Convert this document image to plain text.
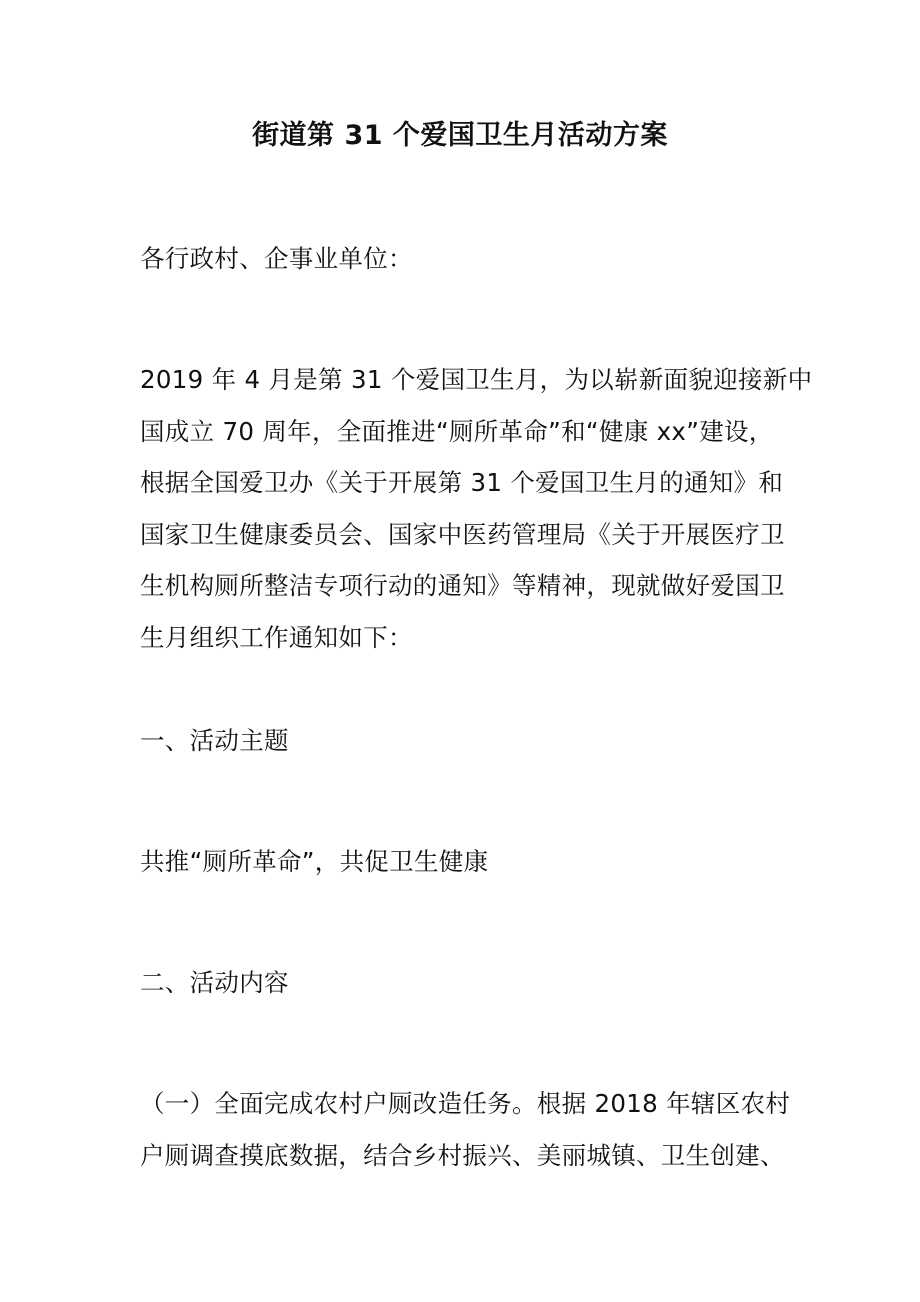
街道第 31 个爱国卫生月活动方案
各行政村、企事业单位：
2019 年 4 月是第 31 个爱国卫生月，为以崭新面貌迎接新中
国成立 70 周年，全面推进“厕所革命”和“健康 xx”建设，
根据全国爱卫办《关于开展第 31 个爱国卫生月的通知》和
国家卫生健康委员会、国家中医药管理局《关于开展医疗卫
生机构厕所整洁专项行动的通知》等精神，现就做好爱国卫
生月组织工作通知如下：
一、活动主题
共推“厕所革命”，共促卫生健康
二、活动内容
（一）全面完成农村户厕改造任务。根据 2018 年辖区农村
户厕调查摸底数据，结合乡村振兴、美丽城镇、卫生创建、
